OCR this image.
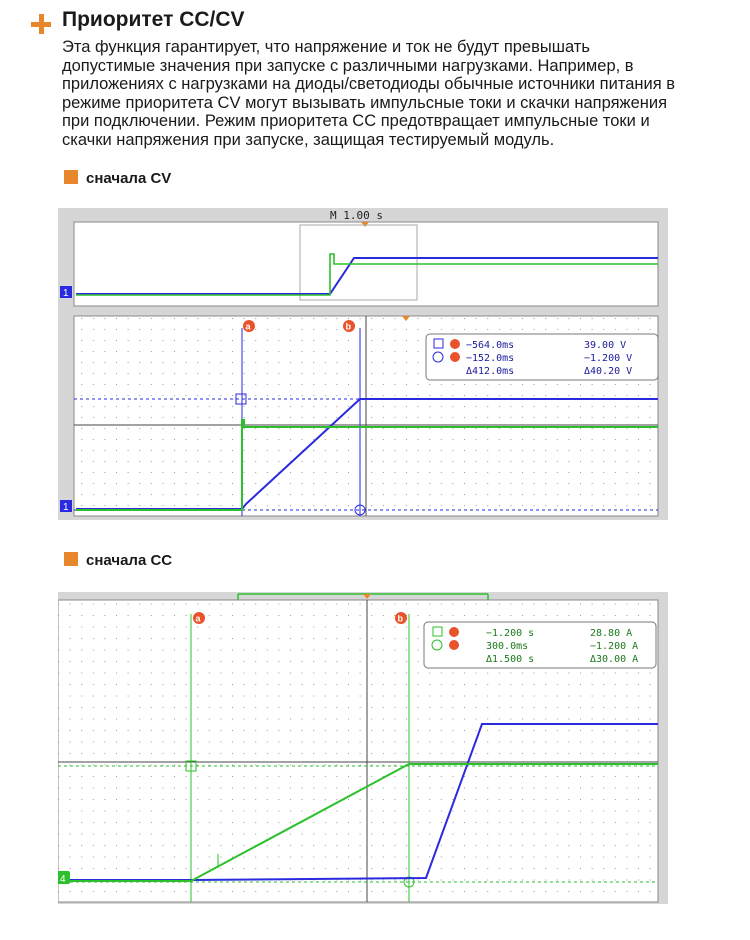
Приоритет CC/CV
Эта функция гарантирует, что напряжение и ток не будут превышать
допустимые значения при запуске с различными нагрузками. Например, в
приложениях с нагрузками на диоды/светодиоды обычные источники питания в
режиме приоритета CV могут вызывать импульсные токи и скачки напряжения
при подключении. Режим приоритета CC предотвращает импульсные токи и
скачки напряжения при запуске, защищая тестируемый модуль.
сначала CV
M 1.00 s
1
a	b
1
−564.0ms	39.00 V
−152.0ms	−1.200 V
Δ412.0ms	Δ40.20 V
сначала CC
a	b
4
−1.200 s	28.80 A
300.0ms	−1.200 A
Δ1.500 s	Δ30.00 A
